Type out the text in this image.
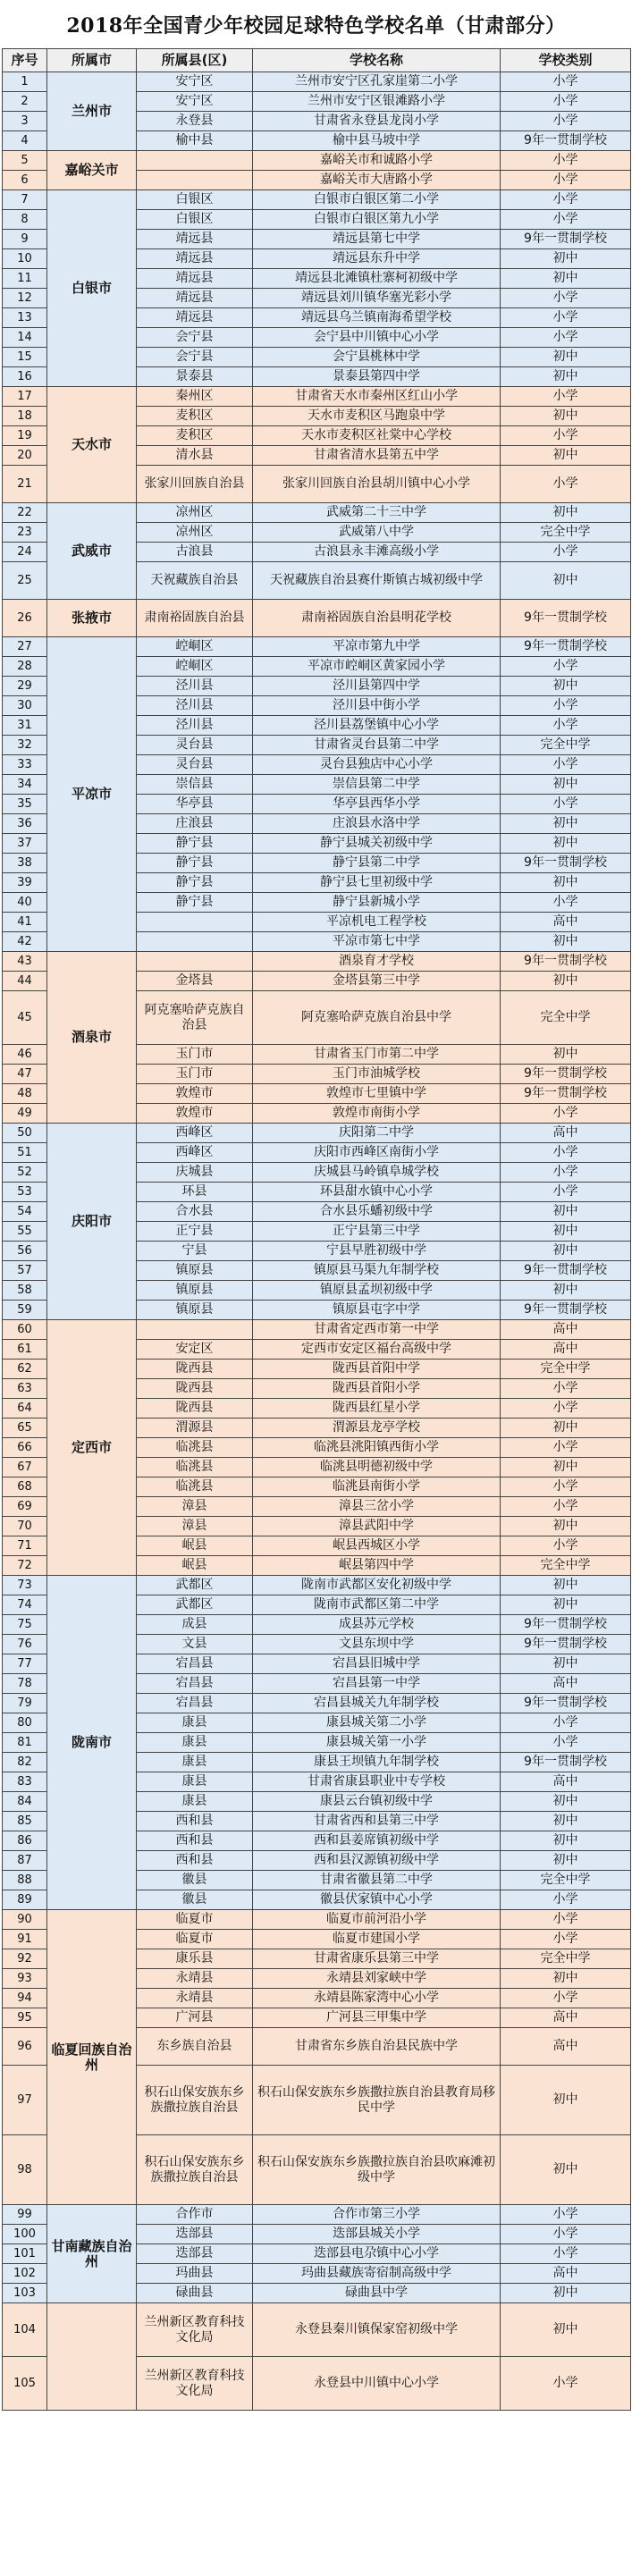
2018年全国青少年校园足球特色学校名单（甘肃部分）
序号	所属市	所属县(区)	学校名称	学校类别
1	兰州市	安宁区	兰州市安宁区孔家崖第二小学	小学
2		安宁区	兰州市安宁区银滩路小学	小学
3		永登县	甘肃省永登县龙岗小学	小学
4		榆中县	榆中县马坡中学	9年一贯制学校
5	嘉峪关市		嘉峪关市和诚路小学	小学
6			嘉峪关市大唐路小学	小学
7	白银市	白银区	白银市白银区第二小学	小学
8		白银区	白银市白银区第九小学	小学
9		靖远县	靖远县第七中学	9年一贯制学校
10		靖远县	靖远县东升中学	初中
11		靖远县	靖远县北滩镇杜寨柯初级中学	初中
12		靖远县	靖远县刘川镇华塞光彩小学	小学
13		靖远县	靖远县乌兰镇南海希望学校	小学
14		会宁县	会宁县中川镇中心小学	小学
15		会宁县	会宁县桃林中学	初中
16		景泰县	景泰县第四中学	初中
17	天水市	秦州区	甘肃省天水市秦州区红山小学	小学
18		麦积区	天水市麦积区马跑泉中学	初中
19		麦积区	天水市麦积区社棠中心学校	小学
20		清水县	甘肃省清水县第五中学	初中
21		张家川回族自治县	张家川回族自治县胡川镇中心小学	小学
22	武威市	凉州区	武威第二十三中学	初中
23		凉州区	武威第八中学	完全中学
24		古浪县	古浪县永丰滩高级小学	小学
25		天祝藏族自治县	天祝藏族自治县赛什斯镇古城初级中学	初中
26	张掖市	肃南裕固族自治县	肃南裕固族自治县明花学校	9年一贯制学校
27	平凉市	崆峒区	平凉市第九中学	9年一贯制学校
28		崆峒区	平凉市崆峒区黄家园小学	小学
29		泾川县	泾川县第四中学	初中
30		泾川县	泾川县中街小学	小学
31		泾川县	泾川县荔堡镇中心小学	小学
32		灵台县	甘肃省灵台县第二中学	完全中学
33		灵台县	灵台县独店中心小学	小学
34		崇信县	崇信县第二中学	初中
35		华亭县	华亭县西华小学	小学
36		庄浪县	庄浪县水洛中学	初中
37		静宁县	静宁县城关初级中学	初中
38		静宁县	静宁县第二中学	9年一贯制学校
39		静宁县	静宁县七里初级中学	初中
40		静宁县	静宁县新城小学	小学
41			平凉机电工程学校	高中
42			平凉市第七中学	初中
43	酒泉市		酒泉育才学校	9年一贯制学校
44		金塔县	金塔县第三中学	初中
45		阿克塞哈萨克族自治县	阿克塞哈萨克族自治县中学	完全中学
46		玉门市	甘肃省玉门市第二中学	初中
47		玉门市	玉门市油城学校	9年一贯制学校
48		敦煌市	敦煌市七里镇中学	9年一贯制学校
49		敦煌市	敦煌市南街小学	小学
50	庆阳市	西峰区	庆阳第二中学	高中
51		西峰区	庆阳市西峰区南街小学	小学
52		庆城县	庆城县马岭镇阜城学校	小学
53		环县	环县甜水镇中心小学	小学
54		合水县	合水县乐蟠初级中学	初中
55		正宁县	正宁县第三中学	初中
56		宁县	宁县早胜初级中学	初中
57		镇原县	镇原县马渠九年制学校	9年一贯制学校
58		镇原县	镇原县孟坝初级中学	初中
59		镇原县	镇原县屯字中学	9年一贯制学校
60	定西市		甘肃省定西市第一中学	高中
61		安定区	定西市安定区福台高级中学	高中
62		陇西县	陇西县首阳中学	完全中学
63		陇西县	陇西县首阳小学	小学
64		陇西县	陇西县红星小学	小学
65		渭源县	渭源县龙亭学校	初中
66		临洮县	临洮县洮阳镇西街小学	小学
67		临洮县	临洮县明德初级中学	初中
68		临洮县	临洮县南街小学	小学
69		漳县	漳县三岔小学	小学
70		漳县	漳县武阳中学	初中
71		岷县	岷县西城区小学	小学
72		岷县	岷县第四中学	完全中学
73	陇南市	武都区	陇南市武都区安化初级中学	初中
74		武都区	陇南市武都区第二中学	初中
75		成县	成县苏元学校	9年一贯制学校
76		文县	文县东坝中学	9年一贯制学校
77		宕昌县	宕昌县旧城中学	初中
78		宕昌县	宕昌县第一中学	高中
79		宕昌县	宕昌县城关九年制学校	9年一贯制学校
80		康县	康县城关第二小学	小学
81		康县	康县城关第一小学	小学
82		康县	康县王坝镇九年制学校	9年一贯制学校
83		康县	甘肃省康县职业中专学校	高中
84		康县	康县云台镇初级中学	初中
85		西和县	甘肃省西和县第三中学	初中
86		西和县	西和县姜席镇初级中学	初中
87		西和县	西和县汉源镇初级中学	初中
88		徽县	甘肃省徽县第二中学	完全中学
89		徽县	徽县伏家镇中心小学	小学
90	临夏回族自治州	临夏市	临夏市前河沿小学	小学
91		临夏市	临夏市建国小学	小学
92		康乐县	甘肃省康乐县第三中学	完全中学
93		永靖县	永靖县刘家峡中学	初中
94		永靖县	永靖县陈家湾中心小学	小学
95		广河县	广河县三甲集中学	高中
96		东乡族自治县	甘肃省东乡族自治县民族中学	高中
97		积石山保安族东乡族撒拉族自治县	积石山保安族东乡族撒拉族自治县教育局移民中学	初中
98		积石山保安族东乡族撒拉族自治县	积石山保安族东乡族撒拉族自治县吹麻滩初级中学	初中
99	甘南藏族自治州	合作市	合作市第三小学	小学
100		迭部县	迭部县城关小学	小学
101		迭部县	迭部县电尕镇中心小学	小学
102		玛曲县	玛曲县藏族寄宿制高级中学	高中
103		碌曲县	碌曲县中学	初中
104		兰州新区教育科技文化局	永登县秦川镇保家窑初级中学	初中
105		兰州新区教育科技文化局	永登县中川镇中心小学	小学
